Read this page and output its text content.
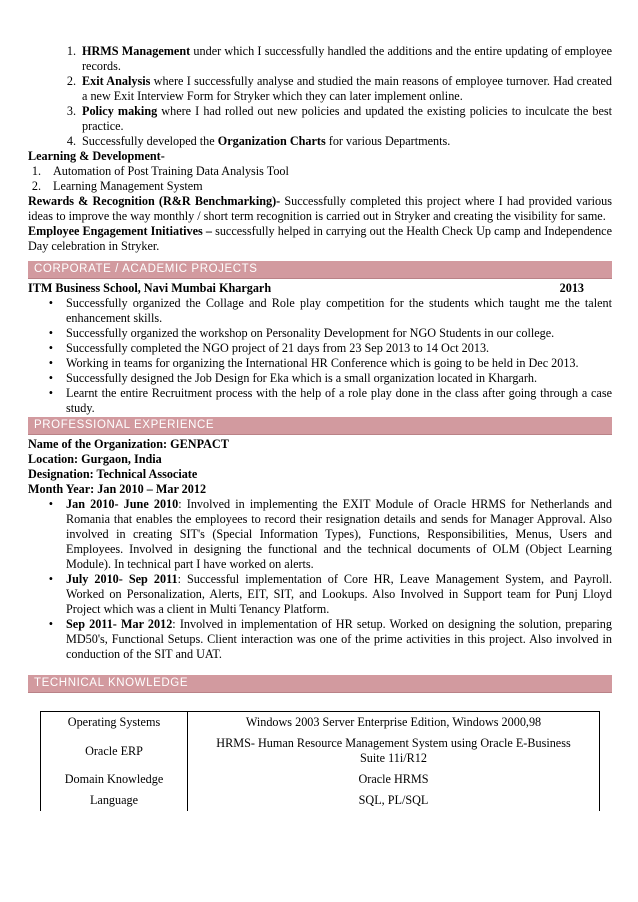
1. HRMS Management under which I successfully handled the additions and the entire updating of employee records.
2. Exit Analysis where I successfully analyse and studied the main reasons of employee turnover. Had created a new Exit Interview Form for Stryker which they can later implement online.
3. Policy making where I had rolled out new policies and updated the existing policies to inculcate the best practice.
4. Successfully developed the Organization Charts for various Departments.
Learning & Development-
1. Automation of Post Training Data Analysis Tool
2. Learning Management System
Rewards & Recognition (R&R Benchmarking)- Successfully completed this project where I had provided various ideas to improve the way monthly / short term recognition is carried out in Stryker and creating the visibility for same.
Employee Engagement Initiatives – successfully helped in carrying out the Health Check Up camp and Independence Day celebration in Stryker.
CORPORATE / ACADEMIC PROJECTS
ITM Business School, Navi Mumbai Khargarh	2013
•	Successfully organized the Collage and Role play competition for the students which taught me the talent enhancement skills.
•	Successfully organized the workshop on Personality Development for NGO Students in our college.
•	Successfully completed the NGO project of 21 days from 23 Sep 2013 to 14 Oct 2013.
•	Working in teams for organizing the International HR Conference which is going to be held in Dec 2013.
•	Successfully designed the Job Design for Eka which is a small organization located in Khargarh.
•	Learnt the entire Recruitment process with the help of a role play done in the class after going through a case study.
PROFESSIONAL EXPERIENCE
Name of the Organization: GENPACT
Location: Gurgaon, India
Designation: Technical Associate
Month Year: Jan 2010 – Mar 2012
•	Jan 2010- June 2010: Involved in implementing the EXIT Module of Oracle HRMS for Netherlands and Romania that enables the employees to record their resignation details and sends for Manager Approval. Also involved in creating SIT's (Special Information Types), Functions, Responsibilities, Menus, Users and Employees. Involved in designing the functional and the technical documents of OLM (Object Learning Module). In technical part I have worked on alerts.
•	July 2010- Sep 2011: Successful implementation of Core HR, Leave Management System, and Payroll. Worked on Personalization, Alerts, EIT, SIT, and Lookups. Also Involved in Support team for Punj Lloyd Project which was a client in Multi Tenancy Platform.
•	Sep 2011- Mar 2012: Involved in implementation of HR setup. Worked on designing the solution, preparing MD50's, Functional Setups. Client interaction was one of the prime activities in this project. Also involved in conduction of the SIT and UAT.
TECHNICAL KNOWLEDGE
Operating Systems	Windows 2003 Server Enterprise Edition, Windows 2000,98
Oracle ERP	HRMS- Human Resource Management System using Oracle E-Business Suite 11i/R12
Domain Knowledge	Oracle HRMS
Language	SQL, PL/SQL
